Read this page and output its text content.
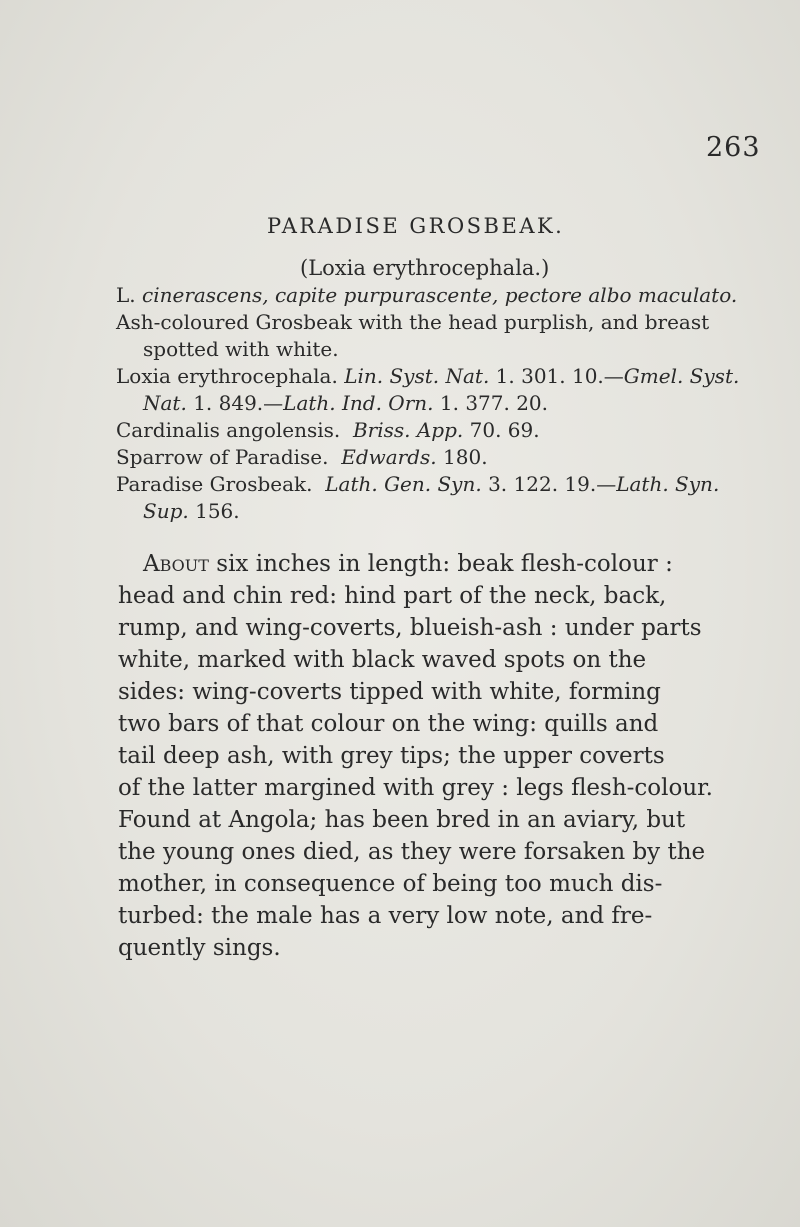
263
PARADISE GROSBEAK.
(Loxia erythrocephala.)
L. cinerascens, capite purpurascente, pectore albo maculato.
Ash-coloured Grosbeak with the head purplish, and breast
spotted with white.
Loxia erythrocephala. Lin. Syst. Nat. 1. 301. 10.—Gmel. Syst.
Nat. 1. 849.—Lath. Ind. Orn. 1. 377. 20.
Cardinalis angolensis. Briss. App. 70. 69.
Sparrow of Paradise. Edwards. 180.
Paradise Grosbeak. Lath. Gen. Syn. 3. 122. 19.—Lath. Syn.
Sup. 156.
About six inches in length: beak flesh-colour :
head and chin red: hind part of the neck, back,
rump, and wing-coverts, blueish-ash : under parts
white, marked with black waved spots on the
sides: wing-coverts tipped with white, forming
two bars of that colour on the wing: quills and
tail deep ash, with grey tips; the upper coverts
of the latter margined with grey : legs flesh-colour.
Found at Angola; has been bred in an aviary, but
the young ones died, as they were forsaken by the
mother, in consequence of being too much dis-
turbed: the male has a very low note, and fre-
quently sings.
